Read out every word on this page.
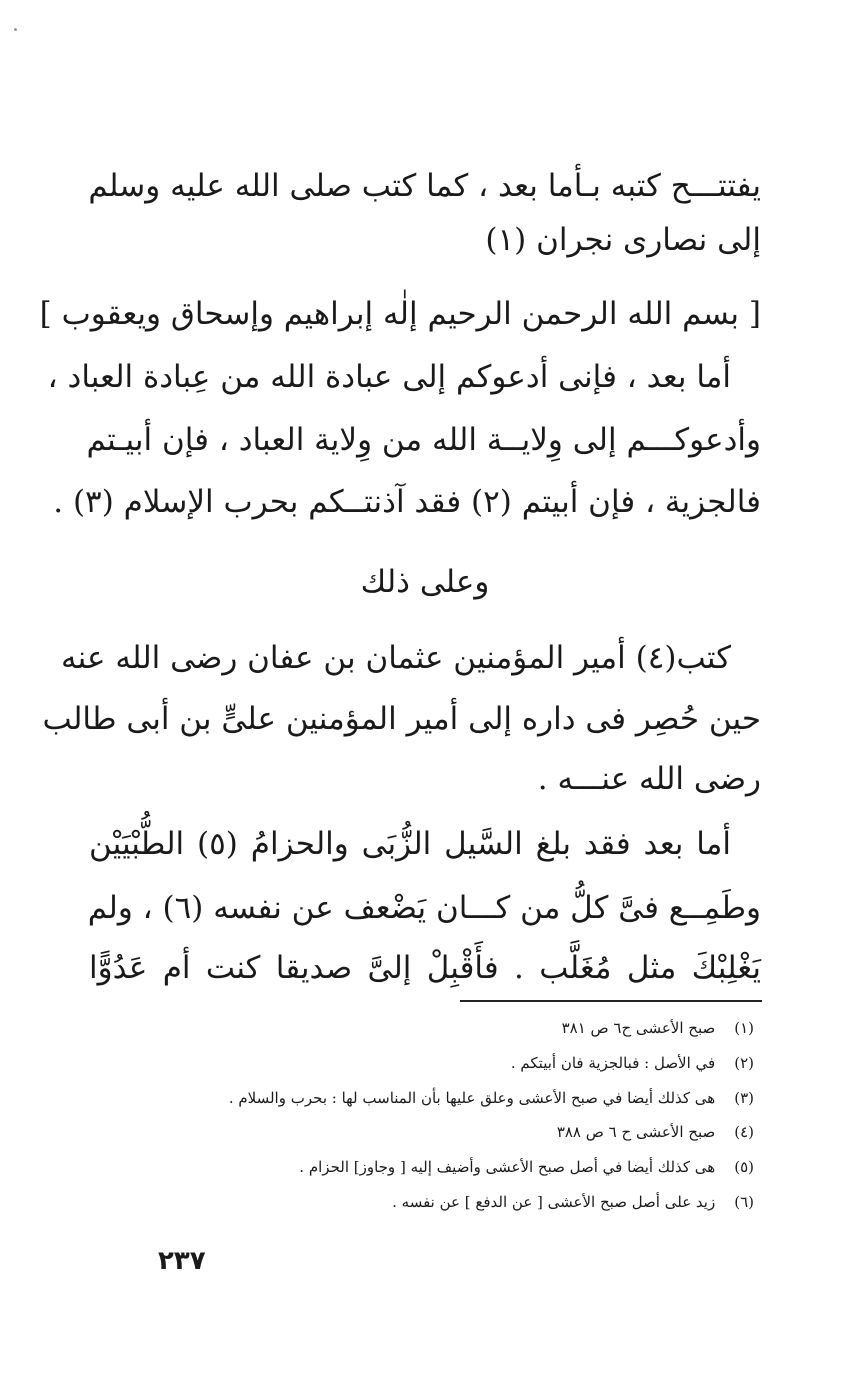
يفتتـــح كتبه بـأما بعد ، كما كتب صلى الله عليه وسلم
إلى نصارى نجران (١)
[ بسم الله الرحمن الرحيم إلٰه إبراهيم وإسحاق ويعقوب ]
أما بعد ، فإنى أدعوكم إلى عبادة الله من عِبادة العباد ،
وأدعوكـــم إلى وِلايــة الله من وِلاية العباد ، فإن أبيـتم
فالجزية ، فإن أبيتم (٢) فقد آذنتــكم بحرب الإسلام (٣) .
وعلى ذلك
كتب(٤) أمير المؤمنين عثمان بن عفان رضى الله عنه
حين حُصِر فى داره إلى أمير المؤمنين علىٍّ بن أبى طالب
رضى الله عنـــه .
أما بعد فقد بلغ السَّيل الزُّبَى والحزامُ (٥) الطُّبْيَيْن
وطَمِــع فىَّ كلُّ من كـــان يَضْعف عن نفسه (٦) ، ولم
يَغْلِبْكَ مثل مُغَلَّب . فأَقْبِلْ إلىَّ صديقا كنت أم عَدُوًّا
(١) صبح الأعشى ح٦ ص ٣٨١
(٢) في الأصل : فبالجزية فان أبيتكم .
(٣) هى كذلك أيضا في صبح الأعشى وعلق عليها بأن المناسب لها : بحرب والسلام .
(٤) صبح الأعشى ح ٦ ص ٣٨٨
(٥) هى كذلك أيضا في أصل صبح الأعشى وأضيف إليه [ وجاوز] الحزام .
(٦) زيد على أصل صبح الأعشى [ عن الدفع ] عن نفسه .
٢٣٧
